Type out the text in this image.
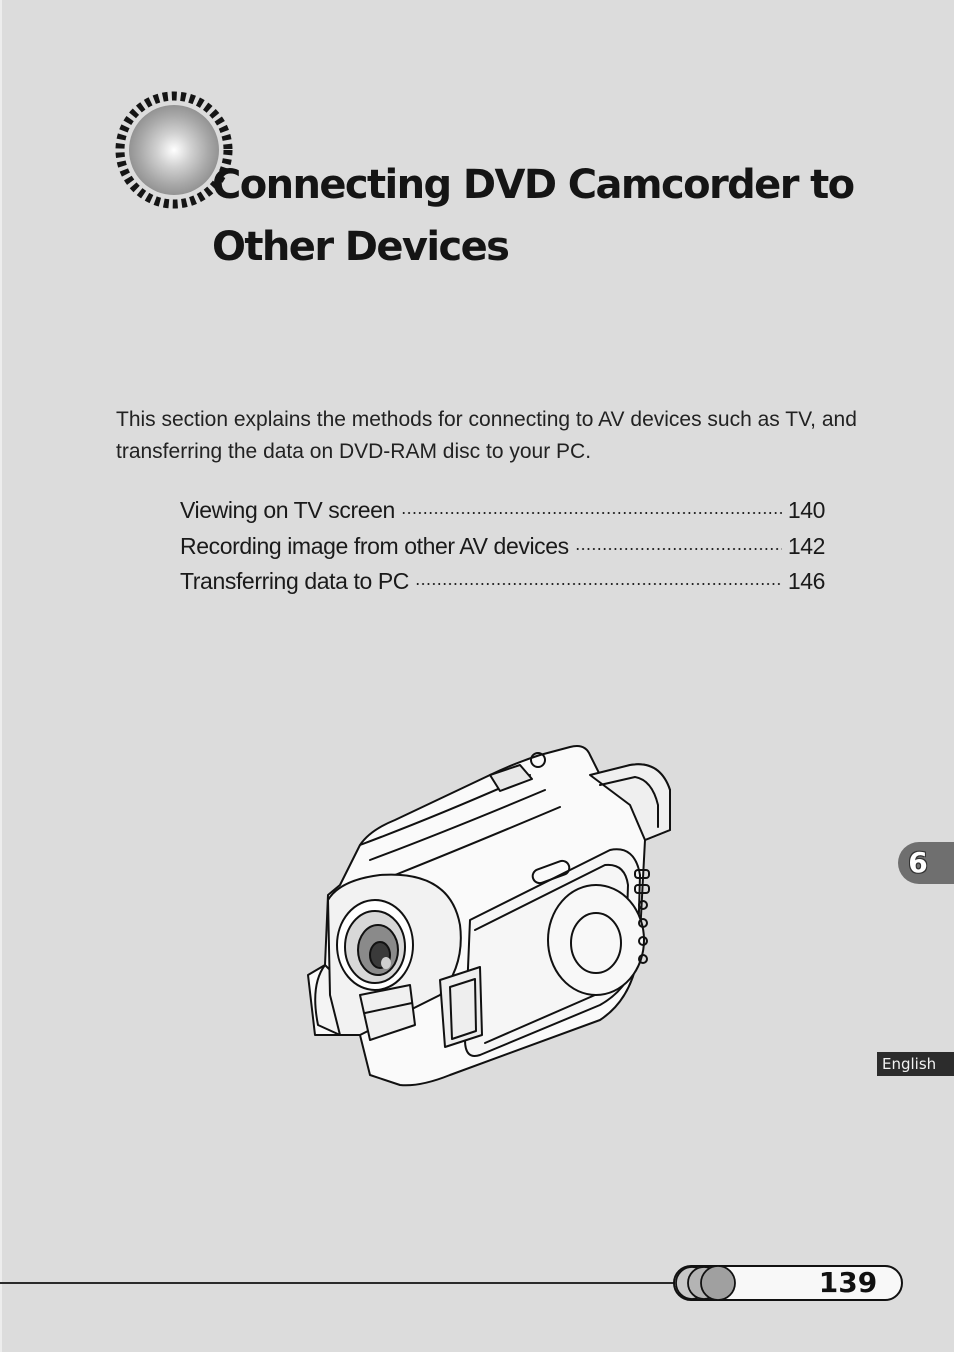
Connecting DVD Camcorder to Other Devices

This section explains the methods for connecting to AV devices such as TV, and transferring the data on DVD-RAM disc to your PC.

Viewing on TV screen	140
Recording image from other AV devices	142
Transferring data to PC	146
6
English
139
